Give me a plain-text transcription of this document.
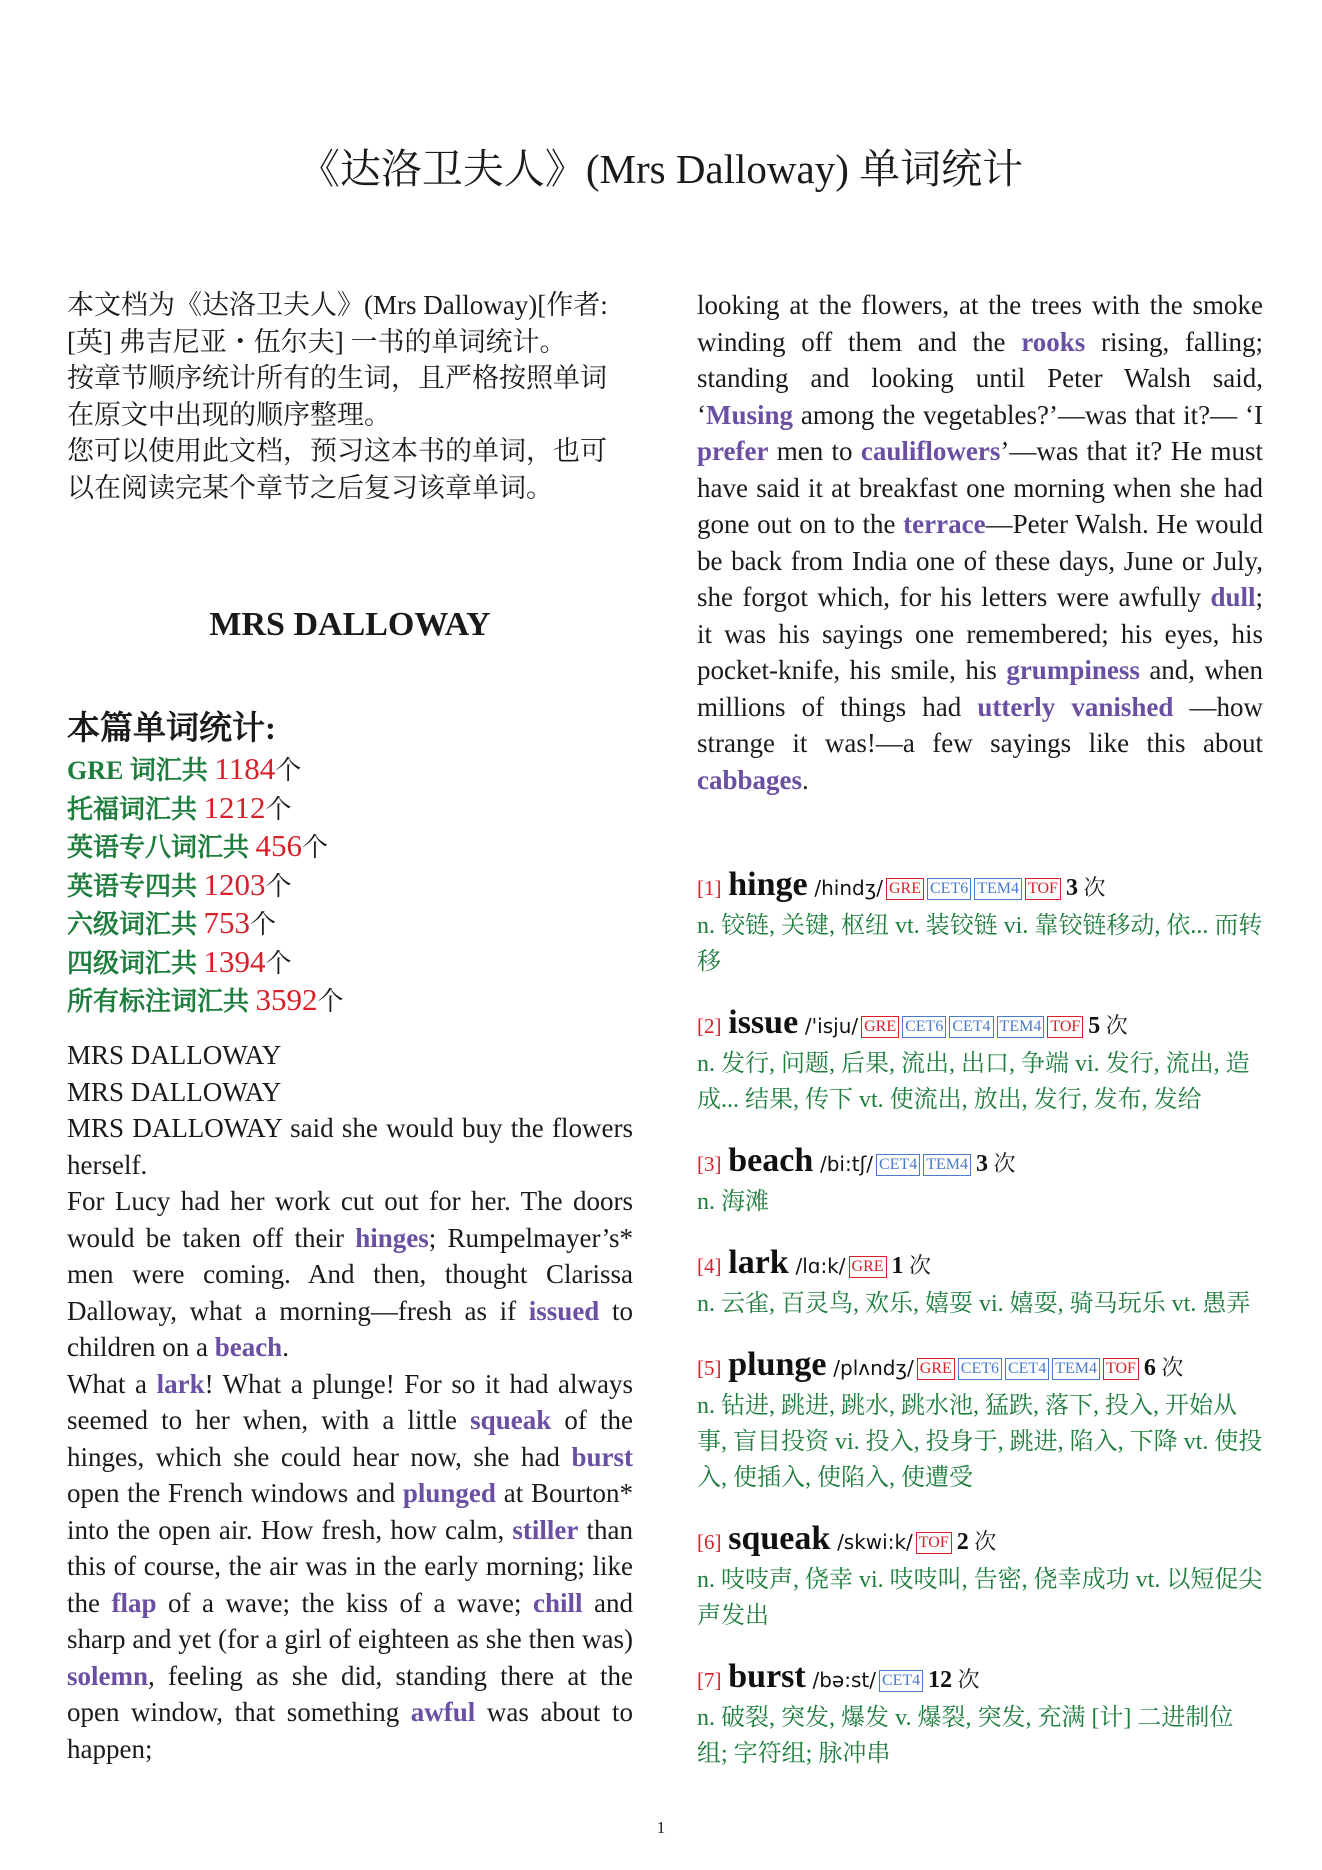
《达洛卫夫人》(Mrs Dalloway) 单词统计

本文档为《达洛卫夫人》(Mrs Dalloway)[作者: [英] 弗吉尼亚・伍尔夫] 一书的单词统计。

按章节顺序统计所有的生词，且严格按照单词在原文中出现的顺序整理。

您可以使用此文档，预习这本书的单词，也可以在阅读完某个章节之后复习该章单词。

MRS DALLOWAY

本篇单词统计:

GRE 词汇共 1184个

托福词汇共 1212个

英语专八词汇共 456个

英语专四共 1203个

六级词汇共 753个

四级词汇共 1394个

所有标注词汇共 3592个

MRS DALLOWAY

MRS DALLOWAY

MRS DALLOWAY said she would buy the flowers herself.

For Lucy had her work cut out for her. The doors would be taken off their hinges; Rumpelmayer’s* men were coming. And then, thought Clarissa Dalloway, what a morning—fresh as if issued to children on a beach.

What a lark! What a plunge! For so it had always seemed to her when, with a little squeak of the hinges, which she could hear now, she had burst open the French windows and plunged at Bourton* into the open air. How fresh, how calm, stiller than this of course, the air was in the early morning; like the flap of a wave; the kiss of a wave; chill and sharp and yet (for a girl of eighteen as she then was) solemn, feeling as she did, standing there at the open window, that something awful was about to happen;

looking at the flowers, at the trees with the smoke winding off them and the rooks rising, falling; standing and looking until Peter Walsh said, ‘Musing among the vegetables?’—was that it?— ‘I prefer men to cauliflowers’—was that it? He must have said it at breakfast one morning when she had gone out on to the terrace—Peter Walsh. He would be back from India one of these days, June or July, she forgot which, for his letters were awfully dull; it was his sayings one remembered; his eyes, his pocket-knife, his smile, his grumpiness and, when millions of things had utterly vanished —how strange it was!—a few sayings like this about cabbages.

[1] hinge /hindʒ/ GRE CET6 TEM4 TOF 3 次

n. 铰链, 关键, 枢纽 vt. 装铰链 vi. 靠铰链移动, 依... 而转移

[2] issue /'isju/ GRE CET6 CET4 TEM4 TOF 5 次

n. 发行, 问题, 后果, 流出, 出口, 争端 vi. 发行, 流出, 造成... 结果, 传下 vt. 使流出, 放出, 发行, 发布, 发给

[3] beach /bi:tʃ/ CET4 TEM4 3 次

n. 海滩

[4] lark /lɑ:k/ GRE 1 次

n. 云雀, 百灵鸟, 欢乐, 嬉耍 vi. 嬉耍, 骑马玩乐 vt. 愚弄

[5] plunge /plʌndʒ/ GRE CET6 CET4 TEM4 TOF 6 次

n. 钻进, 跳进, 跳水, 跳水池, 猛跌, 落下, 投入, 开始从事, 盲目投资 vi. 投入, 投身于, 跳进, 陷入, 下降 vt. 使投入, 使插入, 使陷入, 使遭受

[6] squeak /skwi:k/ TOF 2 次

n. 吱吱声, 侥幸 vi. 吱吱叫, 告密, 侥幸成功 vt. 以短促尖声发出

[7] burst /bə:st/ CET4 12 次

n. 破裂, 突发, 爆发 v. 爆裂, 突发, 充满 [计] 二进制位组; 字符组; 脉冲串

1
